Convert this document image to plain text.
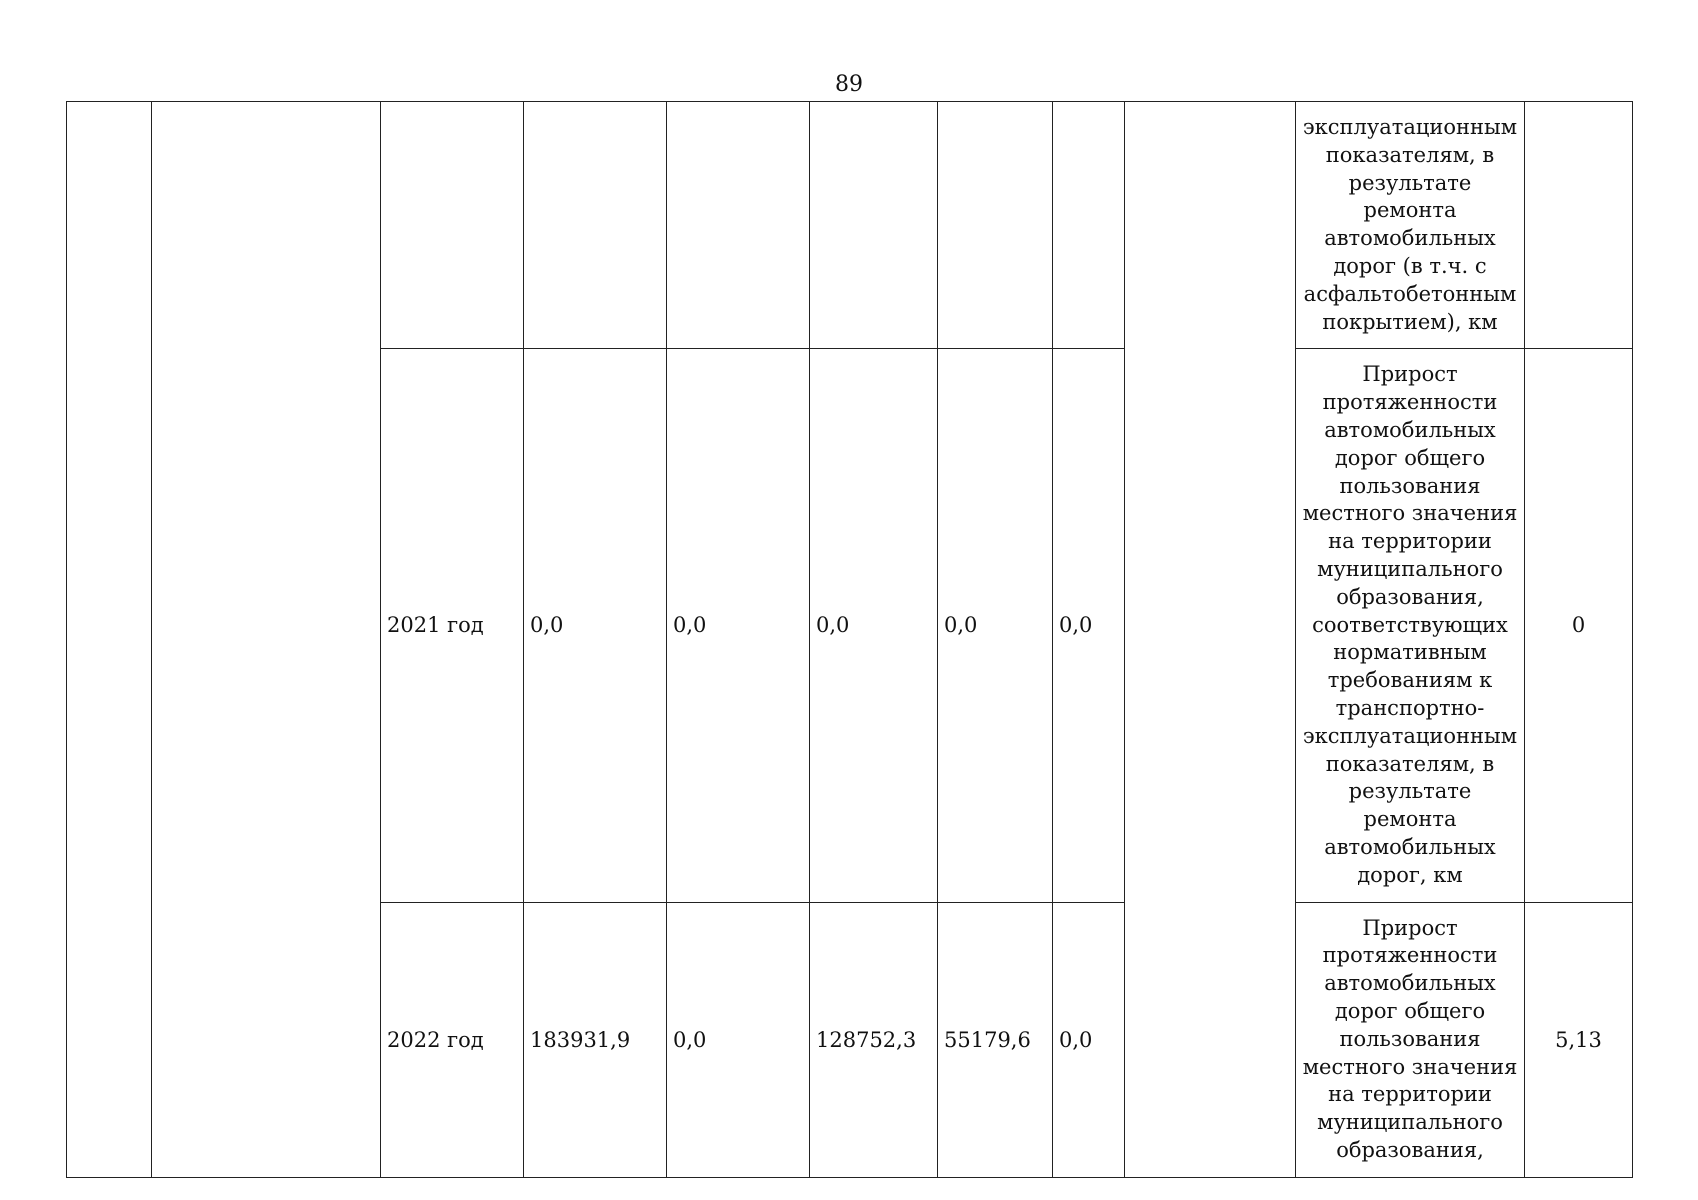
89
									эксплуатационным показателям, в результате ремонта автомобильных дорог (в т.ч. с асфальтобетонным покрытием), км	
		2021 год	0,0	0,0	0,0	0,0	0,0		Прирост протяженности автомобильных дорог общего пользования местного значения на территории муниципального образования, соответствующих нормативным требованиям к транспортно-эксплуатационным показателям, в результате ремонта автомобильных дорог, км	0
		2022 год	183931,9	0,0	128752,3	55179,6	0,0		Прирост протяженности автомобильных дорог общего пользования местного значения на территории муниципального образования,	5,13
